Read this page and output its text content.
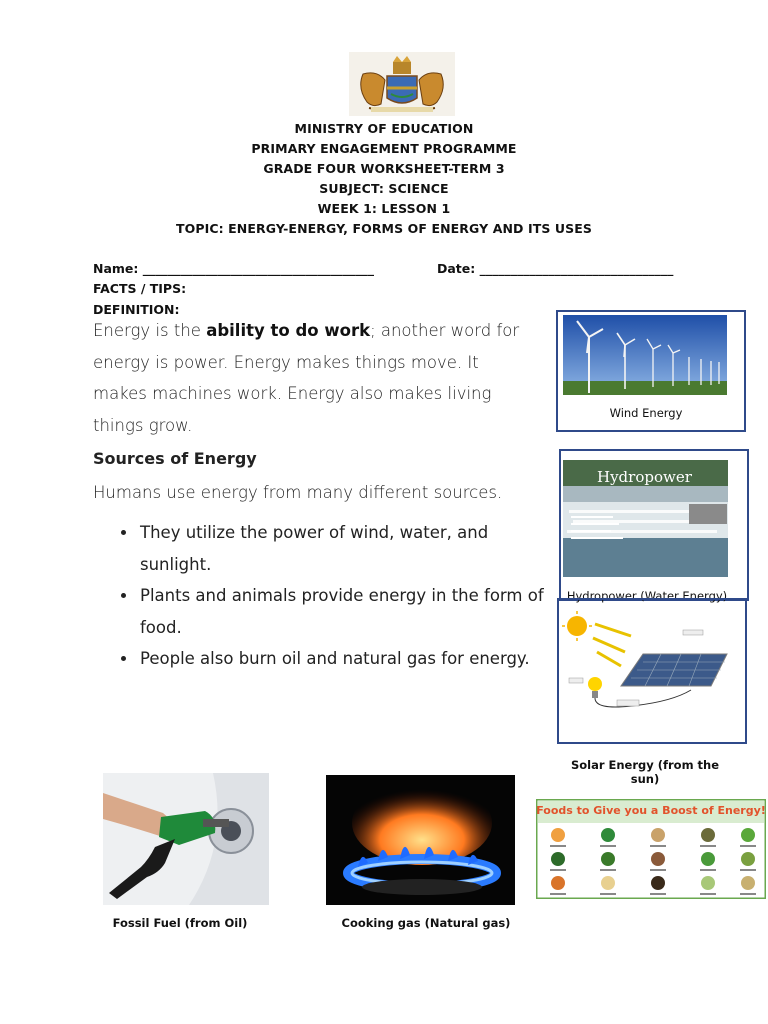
MINISTRY OF EDUCATION
PRIMARY ENGAGEMENT PROGRAMME
GRADE FOUR WORKSHEET-TERM 3
SUBJECT: SCIENCE
WEEK 1: LESSON 1
TOPIC: ENERGY-ENERGY, FORMS OF ENERGY AND ITS USES
Name: _____________________________________	Date: _______________________________
FACTS / TIPS:
DEFINITION:
Energy is the ability to do work; another word for energy is power. Energy makes things move. It makes machines work. Energy also makes living things grow.
Sources of Energy
Humans use energy from many different sources.
• They utilize the power of wind, water, and sunlight.
• Plants and animals provide energy in the form of food.
• People also burn oil and natural gas for energy.
Wind Energy
Hydropower
Hydropower (Water Energy)
Solar Energy (from the sun)
Fossil Fuel (from Oil)	Cooking gas (Natural gas)
Foods to Give you a Boost of Energy!
